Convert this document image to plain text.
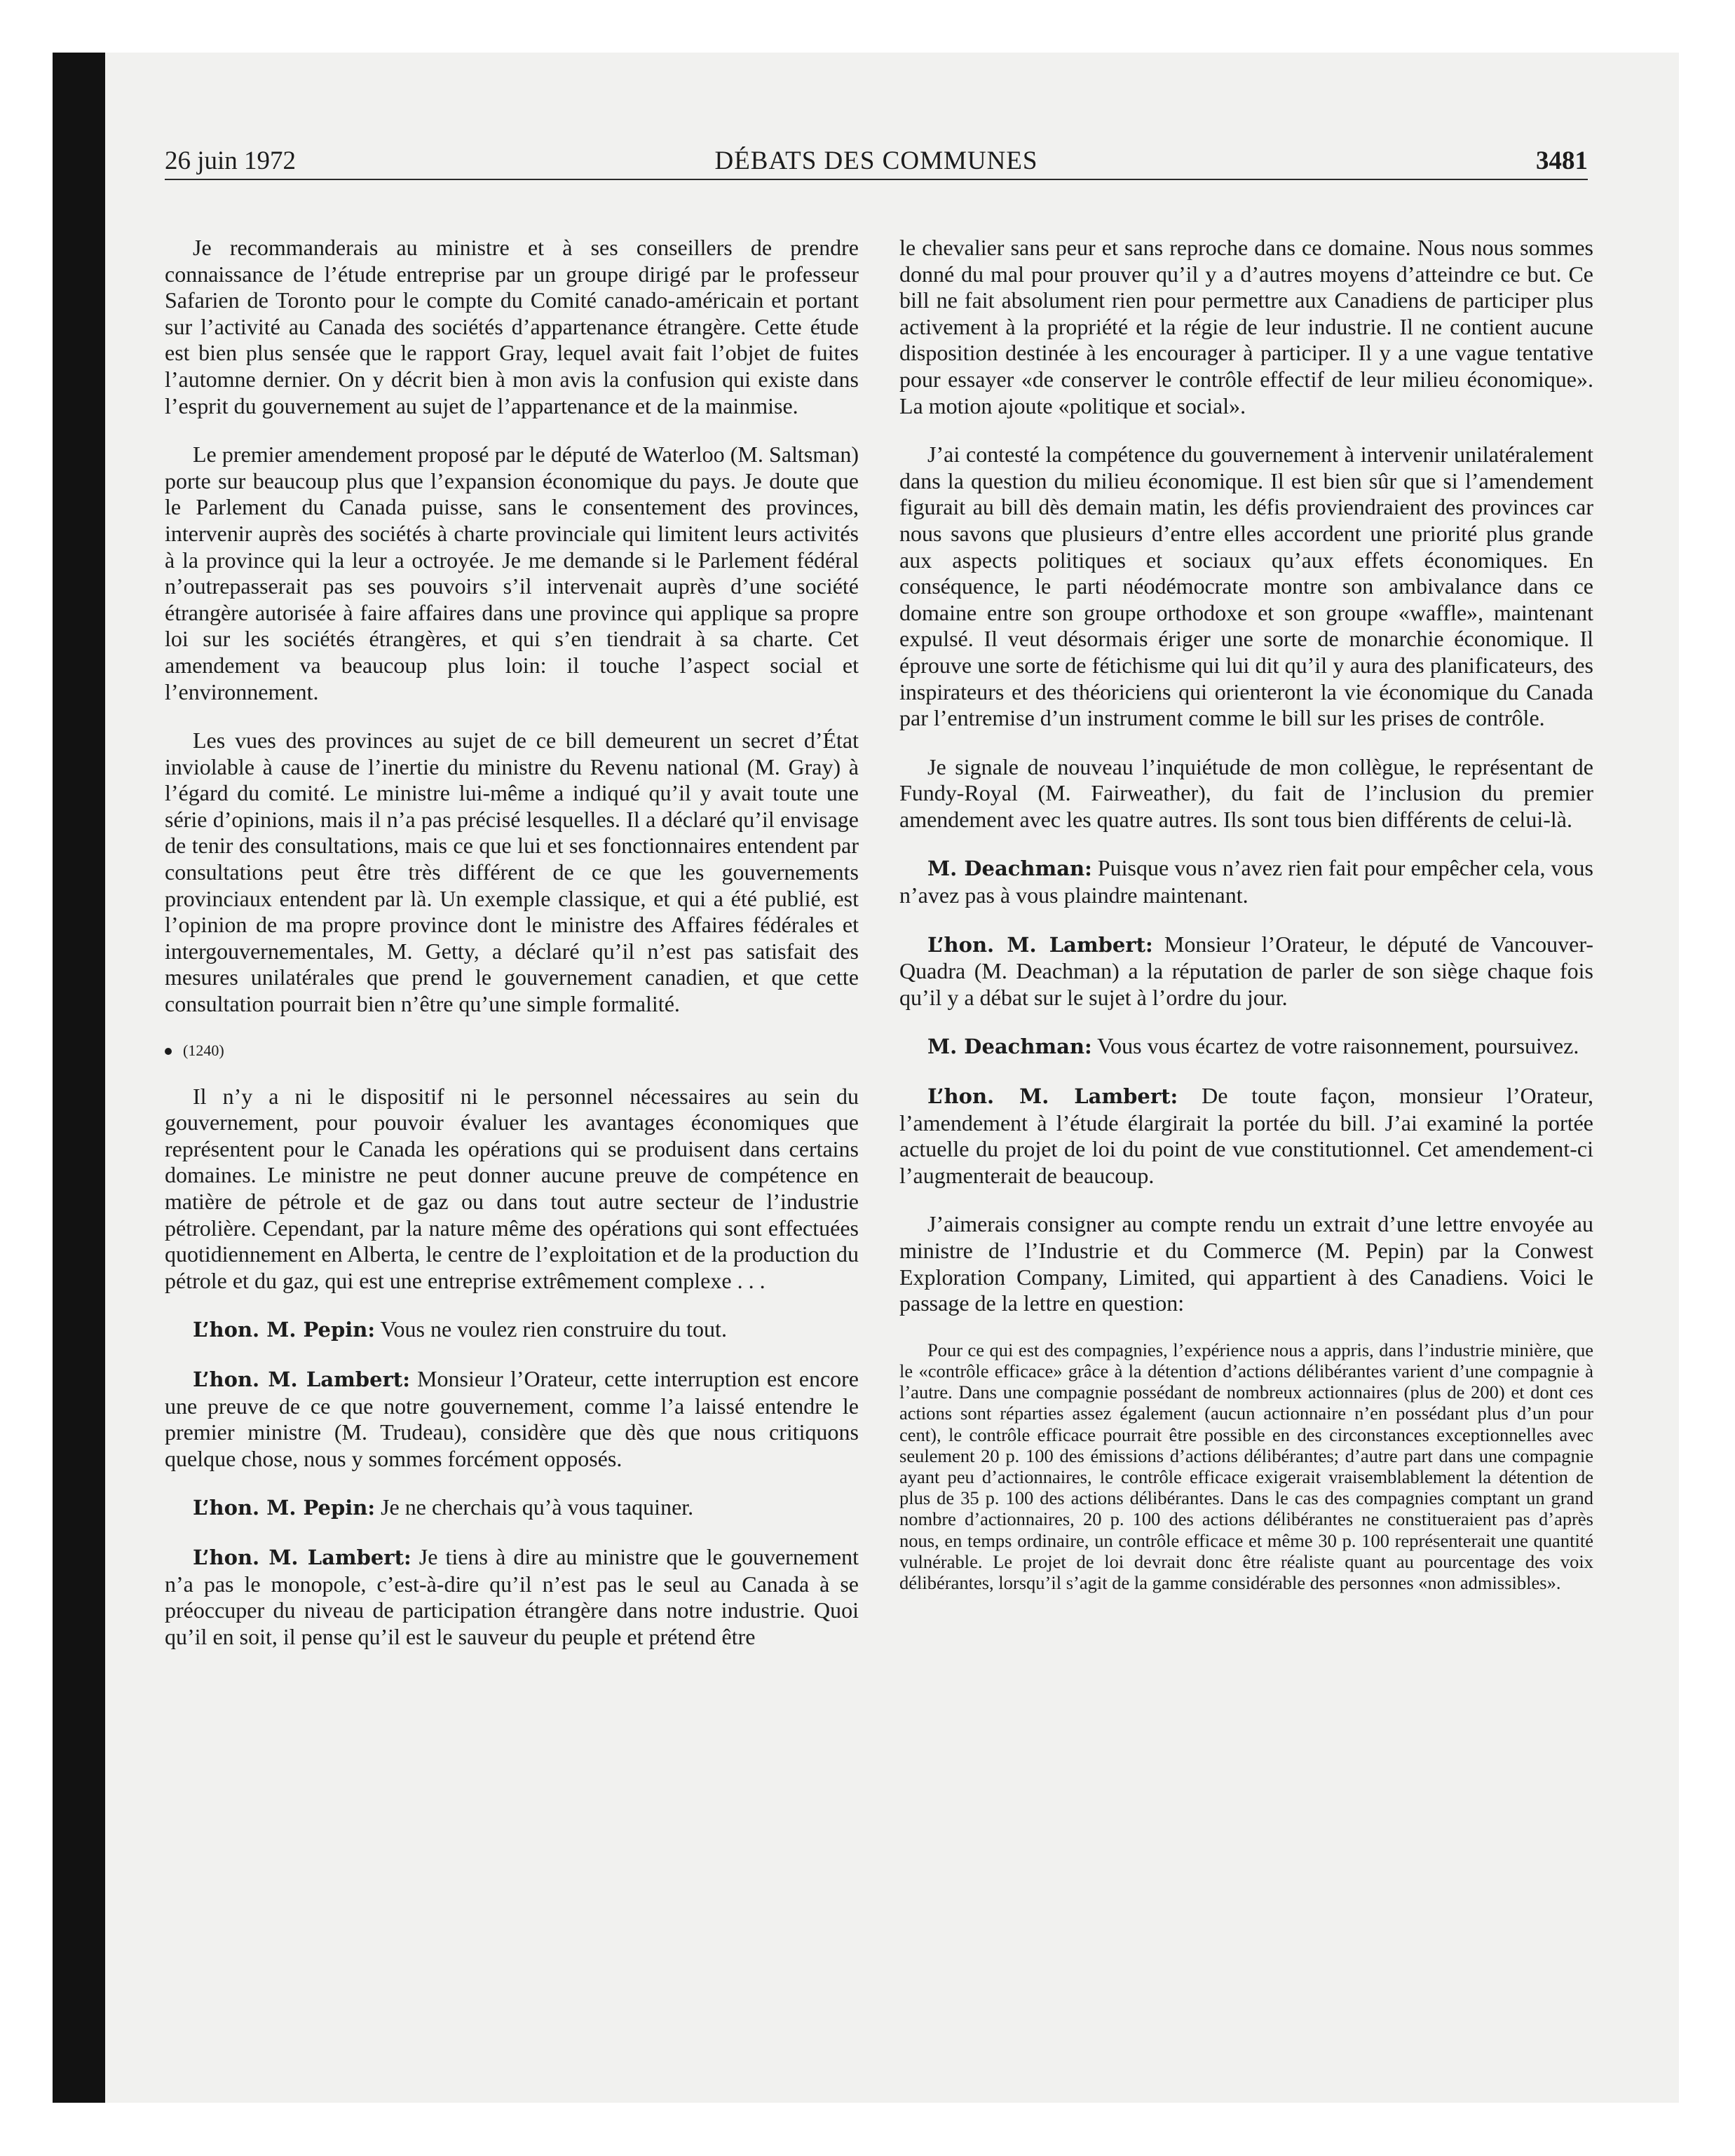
26 juin 1972	DÉBATS DES COMMUNES	3481

Je recommanderais au ministre et à ses conseillers de prendre connaissance de l’étude entreprise par un groupe dirigé par le professeur Safarien de Toronto pour le compte du Comité canado-américain et portant sur l’activité au Canada des sociétés d’appartenance étrangère. Cette étude est bien plus sensée que le rapport Gray, lequel avait fait l’objet de fuites l’automne dernier. On y décrit bien à mon avis la confusion qui existe dans l’esprit du gouvernement au sujet de l’appartenance et de la mainmise.

Le premier amendement proposé par le député de Waterloo (M. Saltsman) porte sur beaucoup plus que l’expansion économique du pays. Je doute que le Parlement du Canada puisse, sans le consentement des provinces, intervenir auprès des sociétés à charte provinciale qui limitent leurs activités à la province qui la leur a octroyée. Je me demande si le Parlement fédéral n’outrepasserait pas ses pouvoirs s’il intervenait auprès d’une société étrangère autorisée à faire affaires dans une province qui applique sa propre loi sur les sociétés étrangères, et qui s’en tiendrait à sa charte. Cet amendement va beaucoup plus loin: il touche l’aspect social et l’environnement.

Les vues des provinces au sujet de ce bill demeurent un secret d’État inviolable à cause de l’inertie du ministre du Revenu national (M. Gray) à l’égard du comité. Le ministre lui-même a indiqué qu’il y avait toute une série d’opinions, mais il n’a pas précisé lesquelles. Il a déclaré qu’il envisage de tenir des consultations, mais ce que lui et ses fonctionnaires entendent par consultations peut être très différent de ce que les gouvernements provinciaux entendent par là. Un exemple classique, et qui a été publié, est l’opinion de ma propre province dont le ministre des Affaires fédérales et intergouvernementales, M. Getty, a déclaré qu’il n’est pas satisfait des mesures unilatérales que prend le gouvernement canadien, et que cette consultation pourrait bien n’être qu’une simple formalité.

(1240)

Il n’y a ni le dispositif ni le personnel nécessaires au sein du gouvernement, pour pouvoir évaluer les avantages économiques que représentent pour le Canada les opérations qui se produisent dans certains domaines. Le ministre ne peut donner aucune preuve de compétence en matière de pétrole et de gaz ou dans tout autre secteur de l’industrie pétrolière. Cependant, par la nature même des opérations qui sont effectuées quotidiennement en Alberta, le centre de l’exploitation et de la production du pétrole et du gaz, qui est une entreprise extrêmement complexe . . .

L’hon. M. Pepin: Vous ne voulez rien construire du tout.

L’hon. M. Lambert: Monsieur l’Orateur, cette interruption est encore une preuve de ce que notre gouvernement, comme l’a laissé entendre le premier ministre (M. Trudeau), considère que dès que nous critiquons quelque chose, nous y sommes forcément opposés.

L’hon. M. Pepin: Je ne cherchais qu’à vous taquiner.

L’hon. M. Lambert: Je tiens à dire au ministre que le gouvernement n’a pas le monopole, c’est-à-dire qu’il n’est pas le seul au Canada à se préoccuper du niveau de participation étrangère dans notre industrie. Quoi qu’il en soit, il pense qu’il est le sauveur du peuple et prétend être

le chevalier sans peur et sans reproche dans ce domaine. Nous nous sommes donné du mal pour prouver qu’il y a d’autres moyens d’atteindre ce but. Ce bill ne fait absolument rien pour permettre aux Canadiens de participer plus activement à la propriété et la régie de leur industrie. Il ne contient aucune disposition destinée à les encourager à participer. Il y a une vague tentative pour essayer «de conserver le contrôle effectif de leur milieu économique». La motion ajoute «politique et social».

J’ai contesté la compétence du gouvernement à intervenir unilatéralement dans la question du milieu économique. Il est bien sûr que si l’amendement figurait au bill dès demain matin, les défis proviendraient des provinces car nous savons que plusieurs d’entre elles accordent une priorité plus grande aux aspects politiques et sociaux qu’aux effets économiques. En conséquence, le parti néodémocrate montre son ambivalance dans ce domaine entre son groupe orthodoxe et son groupe «waffle», maintenant expulsé. Il veut désormais ériger une sorte de monarchie économique. Il éprouve une sorte de fétichisme qui lui dit qu’il y aura des planificateurs, des inspirateurs et des théoriciens qui orienteront la vie économique du Canada par l’entremise d’un instrument comme le bill sur les prises de contrôle.

Je signale de nouveau l’inquiétude de mon collègue, le représentant de Fundy-Royal (M. Fairweather), du fait de l’inclusion du premier amendement avec les quatre autres. Ils sont tous bien différents de celui-là.

M. Deachman: Puisque vous n’avez rien fait pour empêcher cela, vous n’avez pas à vous plaindre maintenant.

L’hon. M. Lambert: Monsieur l’Orateur, le député de Vancouver-Quadra (M. Deachman) a la réputation de parler de son siège chaque fois qu’il y a débat sur le sujet à l’ordre du jour.

M. Deachman: Vous vous écartez de votre raisonnement, poursuivez.

L’hon. M. Lambert: De toute façon, monsieur l’Orateur, l’amendement à l’étude élargirait la portée du bill. J’ai examiné la portée actuelle du projet de loi du point de vue constitutionnel. Cet amendement-ci l’augmenterait de beaucoup.

J’aimerais consigner au compte rendu un extrait d’une lettre envoyée au ministre de l’Industrie et du Commerce (M. Pepin) par la Conwest Exploration Company, Limited, qui appartient à des Canadiens. Voici le passage de la lettre en question:

Pour ce qui est des compagnies, l’expérience nous a appris, dans l’industrie minière, que le «contrôle efficace» grâce à la détention d’actions délibérantes varient d’une compagnie à l’autre. Dans une compagnie possédant de nombreux actionnaires (plus de 200) et dont ces actions sont réparties assez également (aucun actionnaire n’en possédant plus d’un pour cent), le contrôle efficace pourrait être possible en des circonstances exceptionnelles avec seulement 20 p. 100 des émissions d’actions délibérantes; d’autre part dans une compagnie ayant peu d’actionnaires, le contrôle efficace exigerait vraisemblablement la détention de plus de 35 p. 100 des actions délibérantes. Dans le cas des compagnies comptant un grand nombre d’actionnaires, 20 p. 100 des actions délibérantes ne constitueraient pas d’après nous, en temps ordinaire, un contrôle efficace et même 30 p. 100 représenterait une quantité vulnérable. Le projet de loi devrait donc être réaliste quant au pourcentage des voix délibérantes, lorsqu’il s’agit de la gamme considérable des personnes «non admissibles».
